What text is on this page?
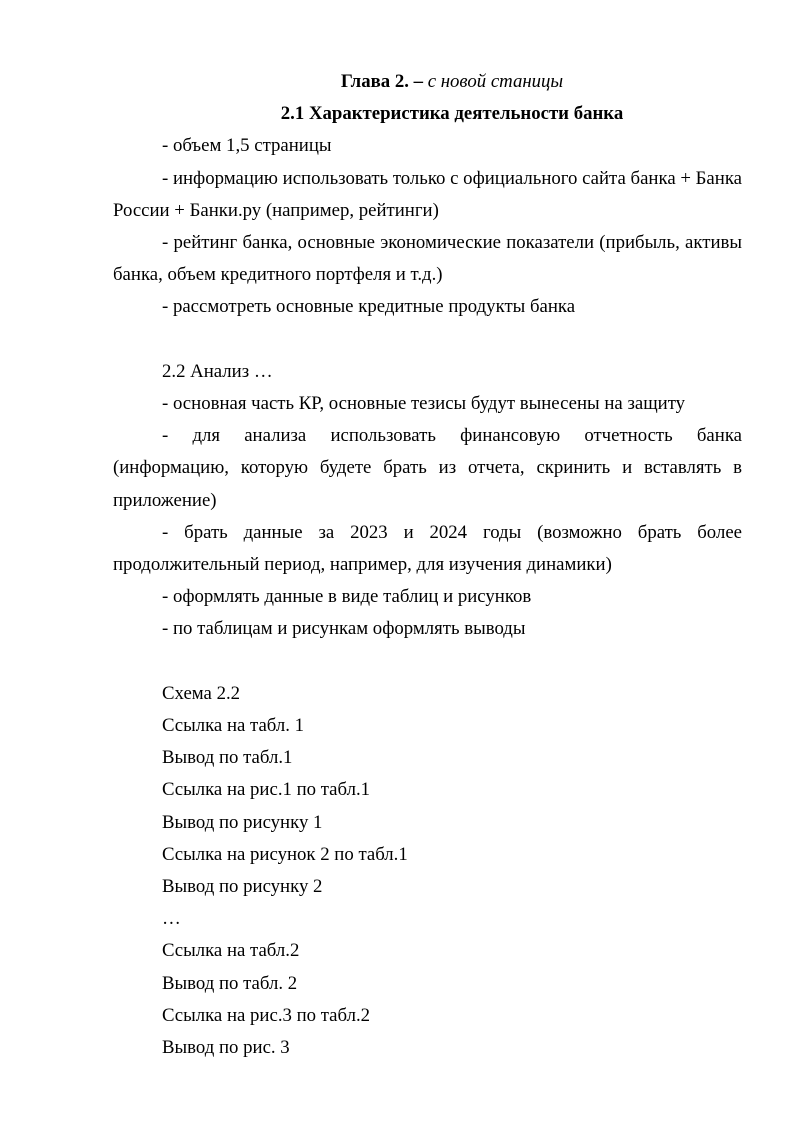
Глава 2. – с новой станицы

2.1 Характеристика деятельности банка

- объем 1,5 страницы

- информацию использовать только с официального сайта банка + Банка России + Банки.ру (например, рейтинги)

- рейтинг банка, основные экономические показатели (прибыль, активы банка, объем кредитного портфеля и т.д.)

- рассмотреть основные кредитные продукты банка

2.2 Анализ …

- основная часть КР, основные тезисы будут вынесены на защиту

- для анализа использовать финансовую отчетность банка (информацию, которую будете брать из отчета, скринить и вставлять в приложение)

- брать данные за 2023 и 2024 годы (возможно брать более продолжительный период, например, для изучения динамики)

- оформлять данные в виде таблиц и рисунков

- по таблицам и рисункам оформлять выводы

Схема 2.2

Ссылка на табл. 1

Вывод по табл.1

Ссылка на рис.1 по табл.1

Вывод по рисунку 1

Ссылка на рисунок 2 по табл.1

Вывод по рисунку 2

…

Ссылка на табл.2

Вывод по табл. 2

Ссылка на рис.3 по табл.2

Вывод по рис. 3
